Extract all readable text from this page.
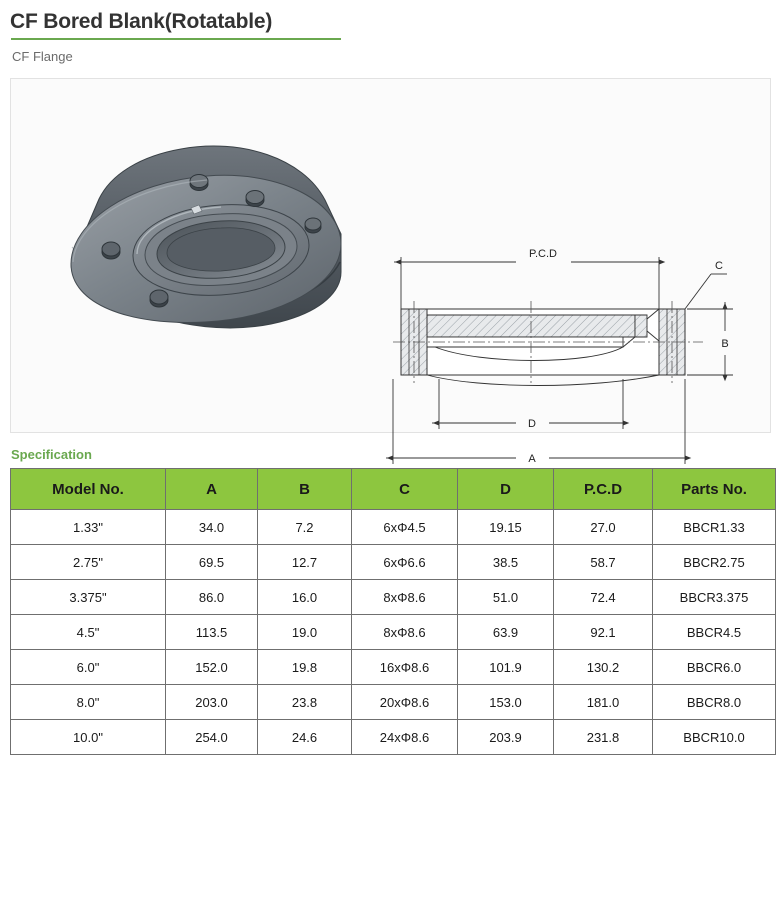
CF Bored Blank(Rotatable)
CF Flange
P.C.D
C
B
D
A
Specification
Model No.	A	B	C	D	P.C.D	Parts No.
1.33"	34.0	7.2	6xΦ4.5	19.15	27.0	BBCR1.33
2.75"	69.5	12.7	6xΦ6.6	38.5	58.7	BBCR2.75
3.375"	86.0	16.0	8xΦ8.6	51.0	72.4	BBCR3.375
4.5"	113.5	19.0	8xΦ8.6	63.9	92.1	BBCR4.5
6.0"	152.0	19.8	16xΦ8.6	101.9	130.2	BBCR6.0
8.0"	203.0	23.8	20xΦ8.6	153.0	181.0	BBCR8.0
10.0"	254.0	24.6	24xΦ8.6	203.9	231.8	BBCR10.0
